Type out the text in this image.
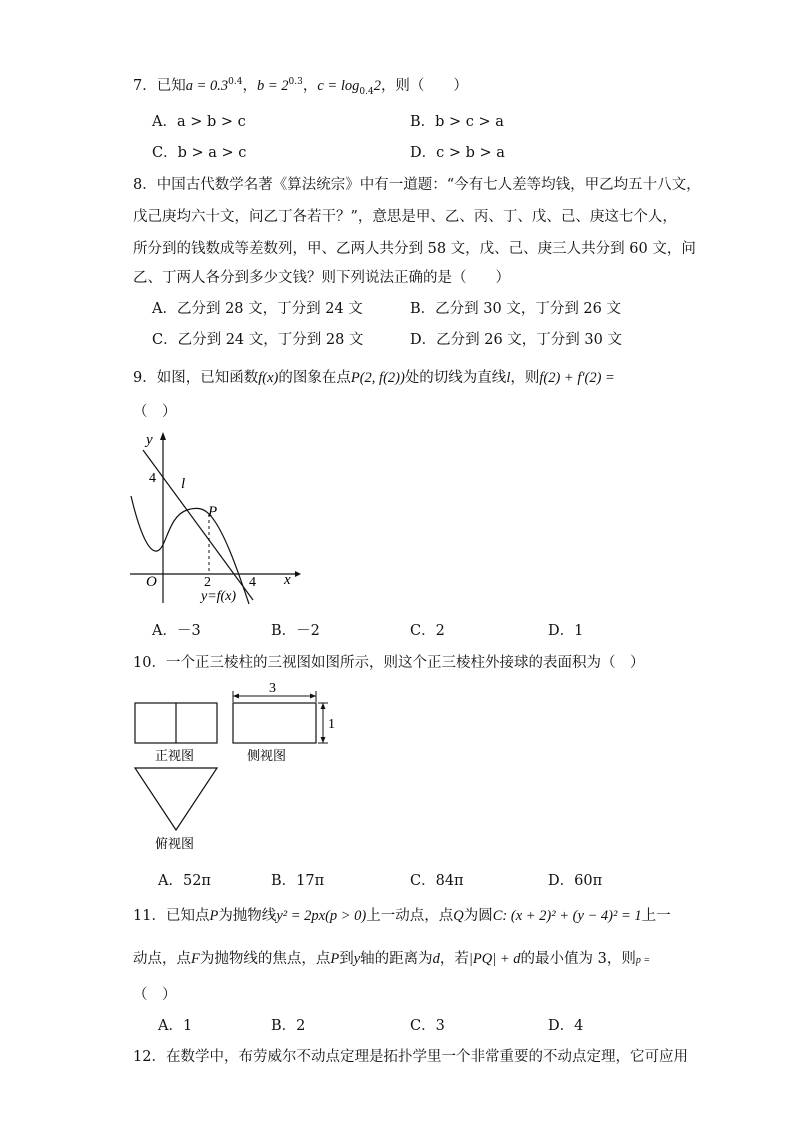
7．已知$a = 0.3^{0.4}$，$b = 2^{0.3}$，$c = \log_{0.4}2$，则（　　）
A．a > b > c	B．b > c > a
C．b > a > c	D．c > b > a
8．中国古代数学名著《算法统宗》中有一道题：“今有七人差等均钱，甲乙均五十八文，
戊己庚均六十文，问乙丁各若干？”，意思是甲、乙、丙、丁、戊、己、庚这七个人，
所分到的钱数成等差数列，甲、乙两人共分到 58 文，戊、己、庚三人共分到 60 文，问
乙、丁两人各分到多少文钱？则下列说法正确的是（　　）
A．乙分到 28 文，丁分到 24 文	B．乙分到 30 文，丁分到 26 文
C．乙分到 24 文，丁分到 28 文	D．乙分到 26 文，丁分到 30 文
9．如图，已知函数f(x)的图象在点P(2, f(2))处的切线为直线l，则f(2) + f′(2) =
（　）
y
4 l
P
O	2	4 x
y=f(x)
A．－3	B．－2	C．2	D．1
10．一个正三棱柱的三视图如图所示，则这个正三棱柱外接球的表面积为（　）
3
1
正视图	侧视图
俯视图
A．52π	B．17π	C．84π	D．60π
11．已知点P为抛物线y² = 2px(p > 0)上一动点，点Q为圆C: (x + 2)² + (y − 4)² = 1上一
动点，点F为抛物线的焦点，点P到y轴的距离为d，若|PQ| + d的最小值为 3，则p =
（　）
A．1	B．2	C．3	D．4
12．在数学中，布劳威尔不动点定理是拓扑学里一个非常重要的不动点定理，它可应用
